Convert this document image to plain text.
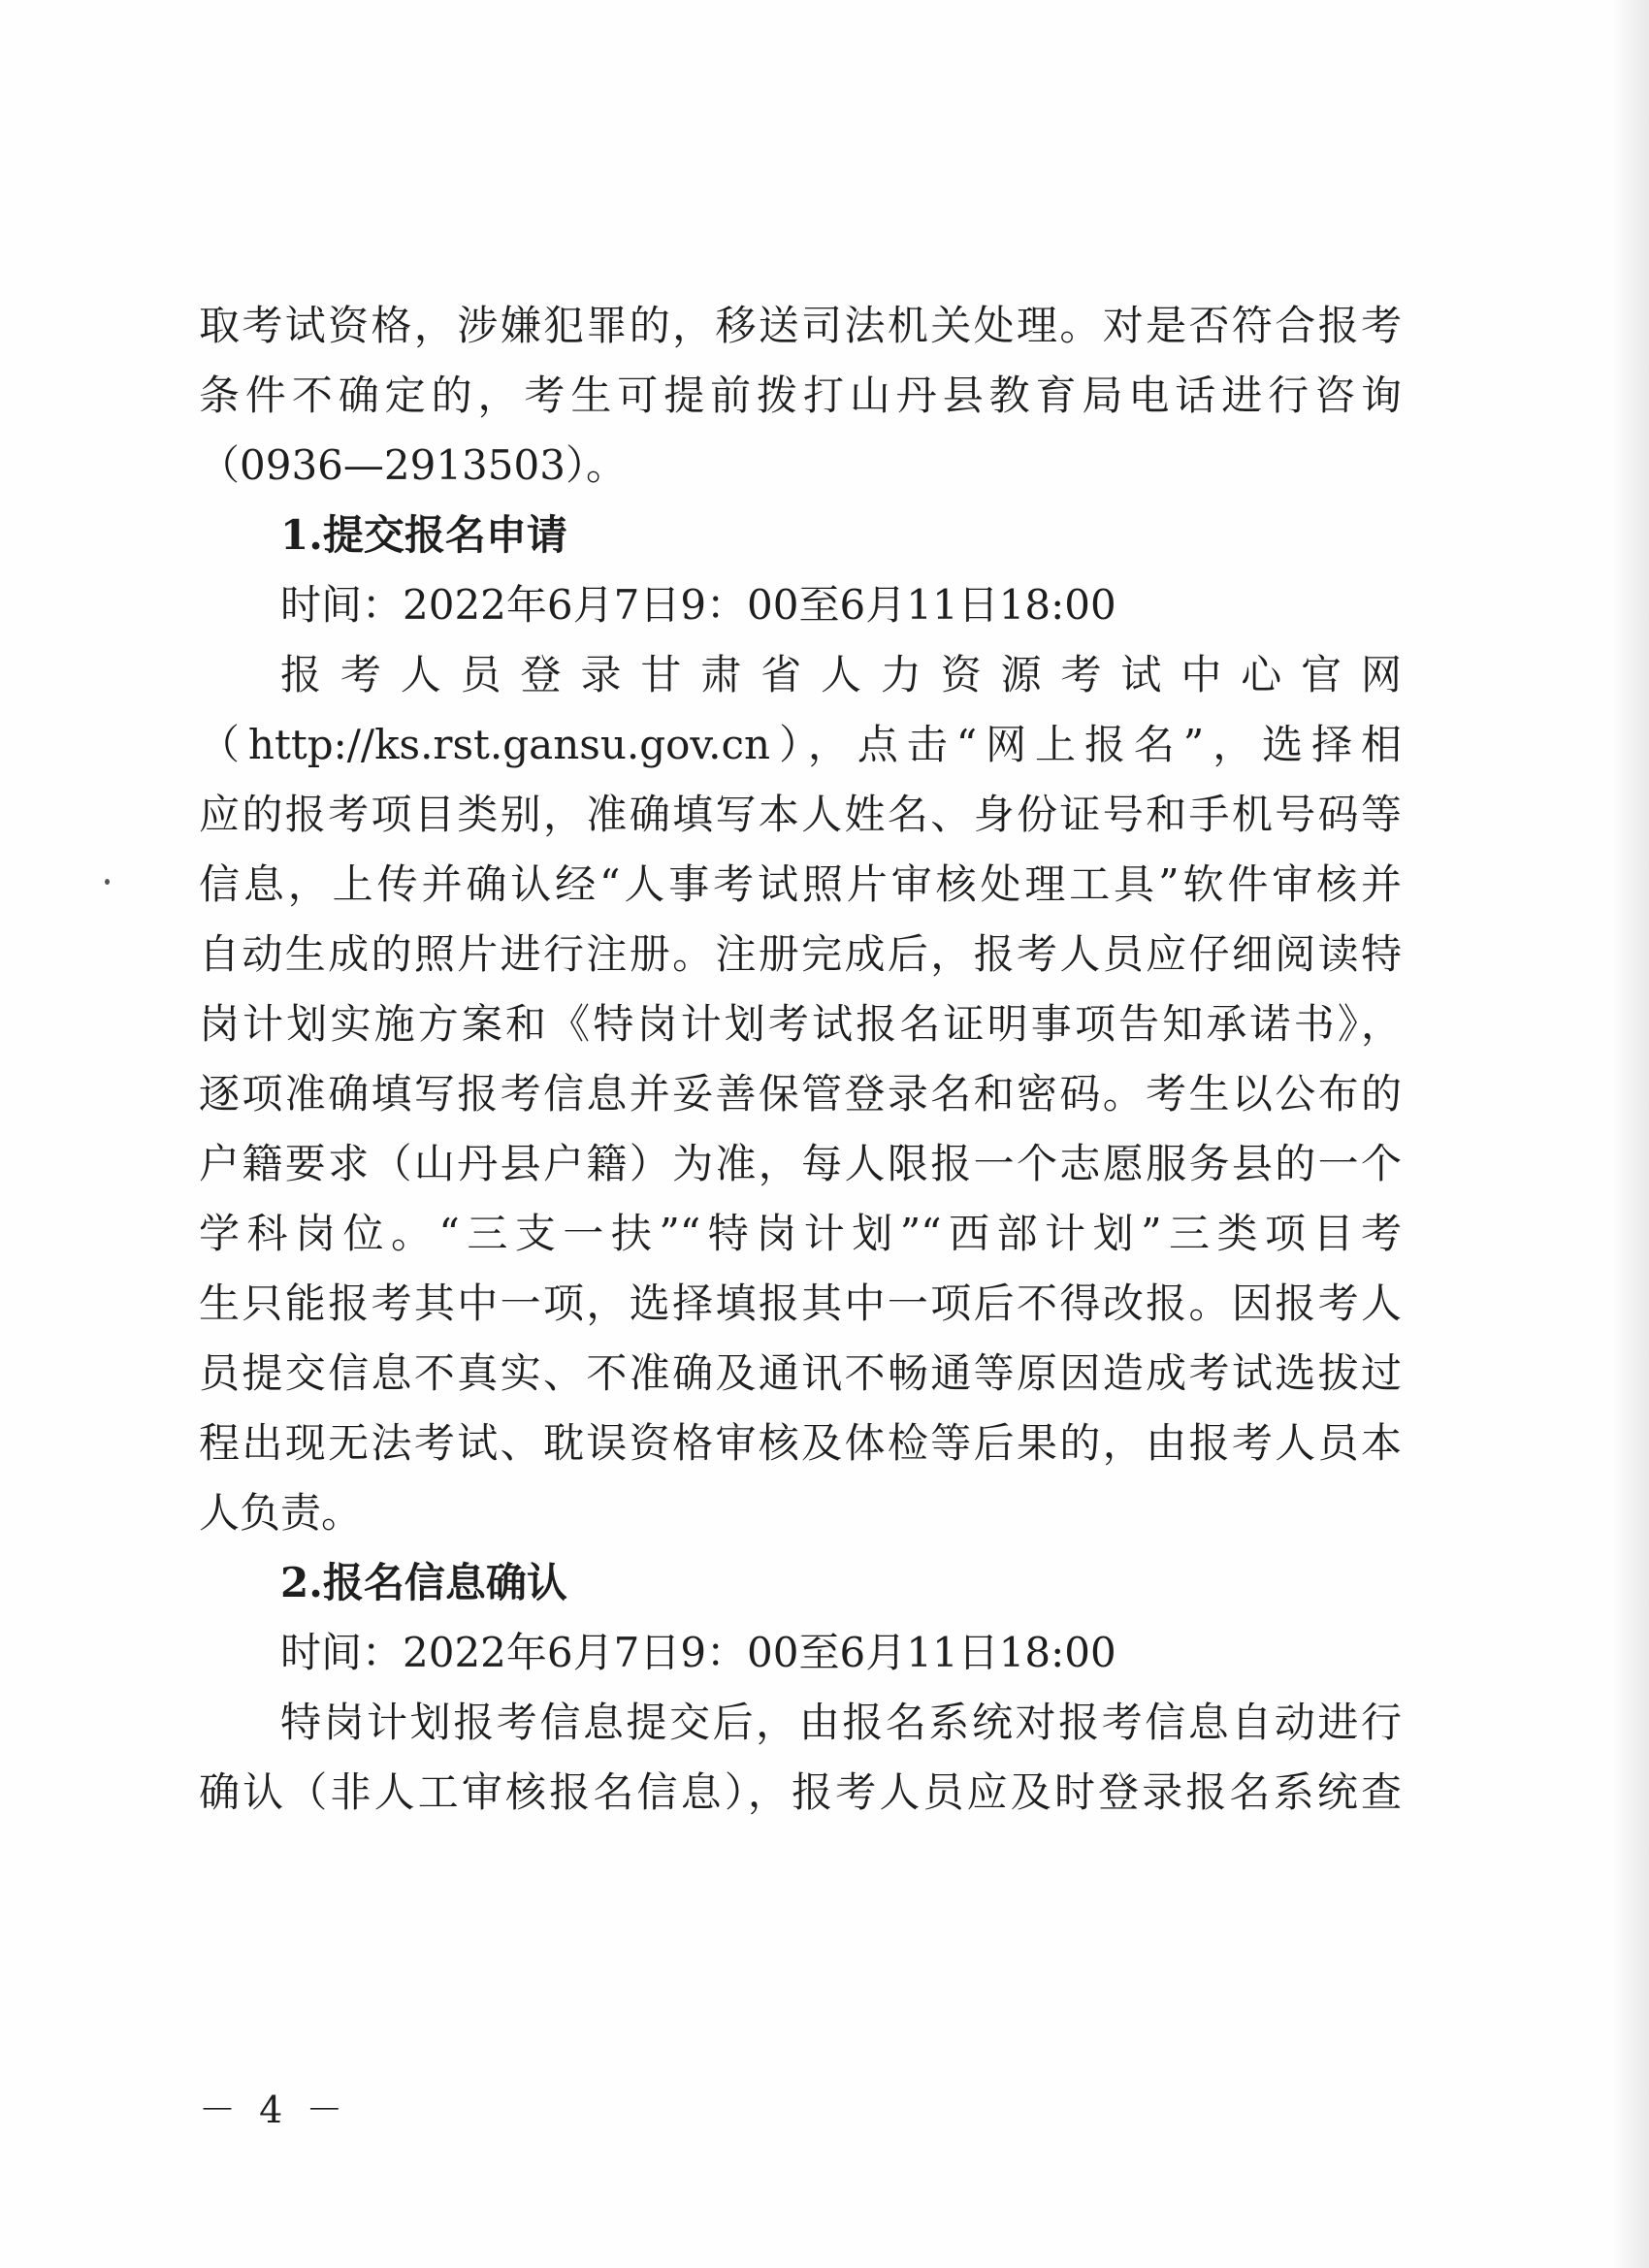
取考试资格，涉嫌犯罪的，移送司法机关处理。对是否符合报考
条件不确定的，考生可提前拨打山丹县教育局电话进行咨询
（0936—2913503）。
1.提交报名申请
时间：2022年6月7日9：00至6月11日18:00
报考人员登录甘肃省人力资源考试中心官网
（http://ks.rst.gansu.gov.cn），点击“网上报名”，选择相
应的报考项目类别，准确填写本人姓名、身份证号和手机号码等
信息，上传并确认经“人事考试照片审核处理工具”软件审核并
自动生成的照片进行注册。注册完成后，报考人员应仔细阅读特
岗计划实施方案和《特岗计划考试报名证明事项告知承诺书》，
逐项准确填写报考信息并妥善保管登录名和密码。考生以公布的
户籍要求（山丹县户籍）为准，每人限报一个志愿服务县的一个
学科岗位。“三支一扶”“特岗计划”“西部计划”三类项目考
生只能报考其中一项，选择填报其中一项后不得改报。因报考人
员提交信息不真实、不准确及通讯不畅通等原因造成考试选拔过
程出现无法考试、耽误资格审核及体检等后果的，由报考人员本
人负责。
2.报名信息确认
时间：2022年6月7日9：00至6月11日18:00
特岗计划报考信息提交后，由报名系统对报考信息自动进行
确认（非人工审核报名信息），报考人员应及时登录报名系统查
－ 4 －
